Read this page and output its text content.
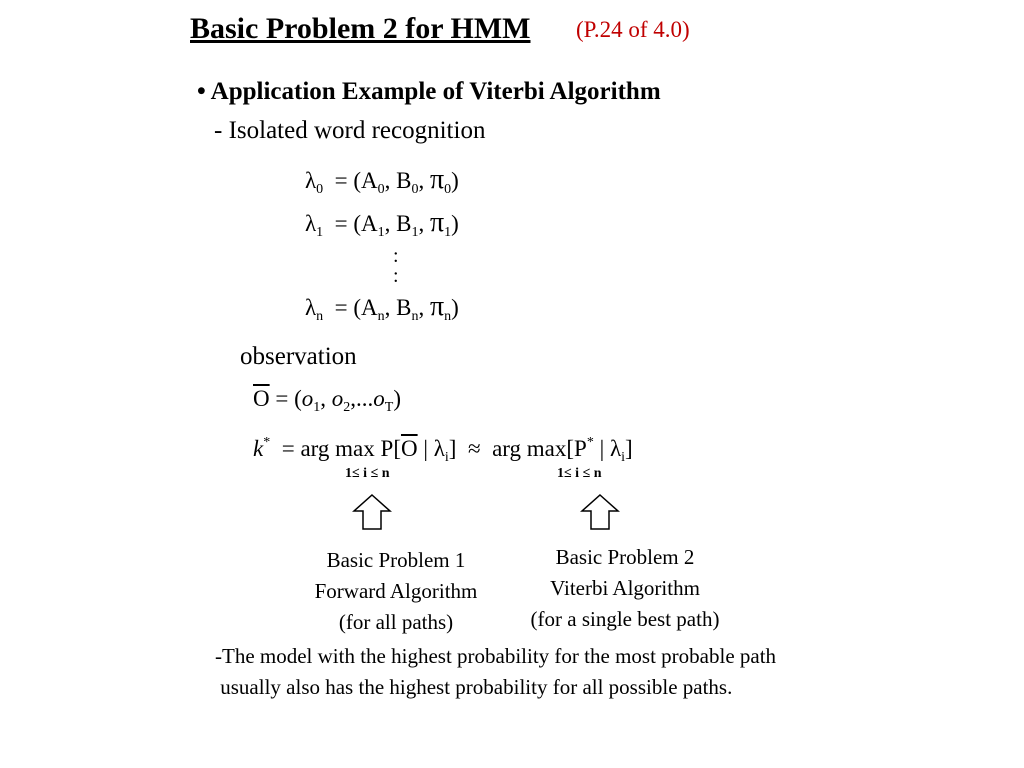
Basic Problem 2 for HMM (P.24 of 4.0)
• Application Example of Viterbi Algorithm
- Isolated word recognition
$\lambda_0 = (A_0$, $B_0$, $\pi_0$)
$\lambda_1 = (A_1$, $B_1$, $\pi_1$)
:
:
$\lambda_n = (A_n$, $B_n$, $\pi_n$)
observation
$\overline{O} = (o_1$, $o_2,...o_T$)
k*  = arg $\max P[\overline{O}$ | $\lambda_i$]  ≈ arg max[P* | $\lambda_i$]
1≤ i ≤ n	1≤ i ≤ n
Basic Problem 1
Forward Algorithm
(for all paths)
Basic Problem 2
Viterbi Algorithm
(for a single best path)
-The model with the highest probability for the most probable path
usually also has the highest probability for all possible paths.
